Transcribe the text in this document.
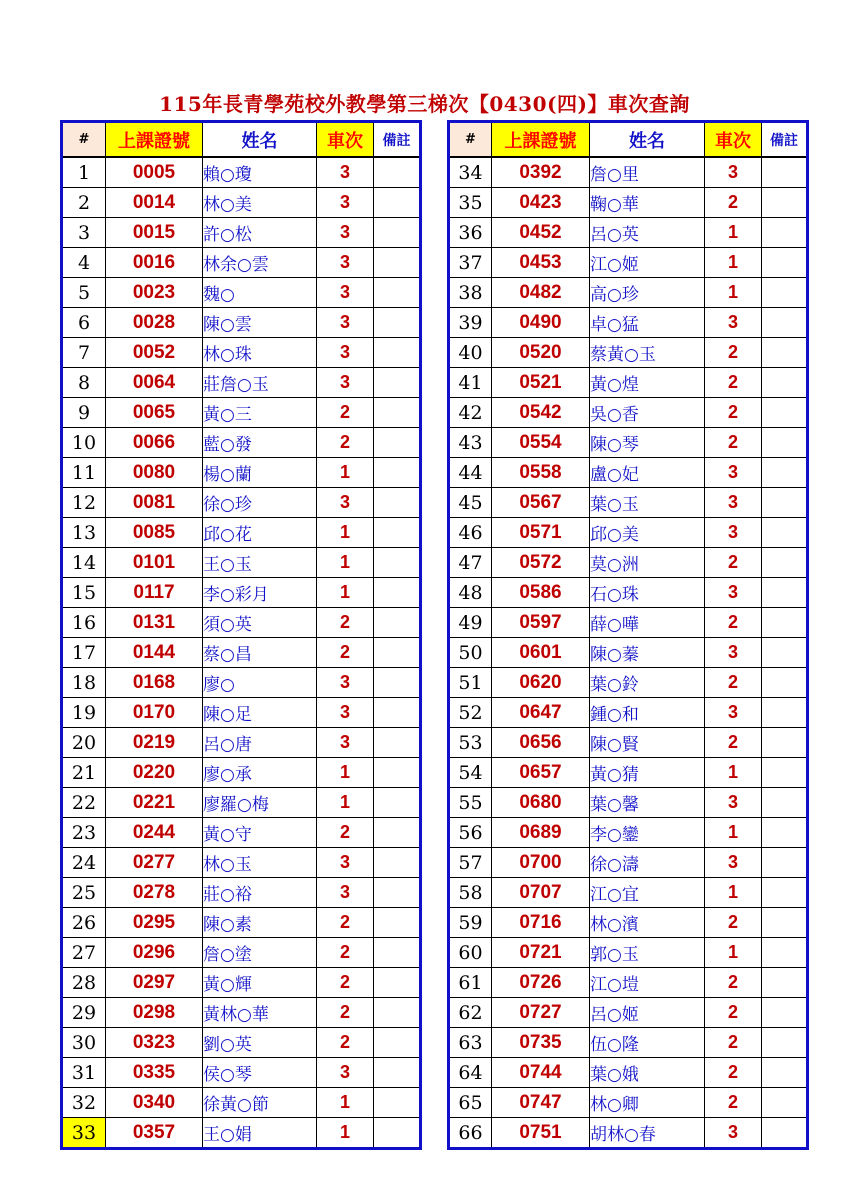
115年長青學苑校外教學第三梯次【0430(四)】車次查詢
#	上課證號	姓名	車次	備註
1	0005	賴○瓊	3	
2	0014	林○美	3	
3	0015	許○松	3	
4	0016	林余○雲	3	
5	0023	魏○	3	
6	0028	陳○雲	3	
7	0052	林○珠	3	
8	0064	莊詹○玉	3	
9	0065	黃○三	2	
10	0066	藍○發	2	
11	0080	楊○蘭	1	
12	0081	徐○珍	3	
13	0085	邱○花	1	
14	0101	王○玉	1	
15	0117	李○彩月	1	
16	0131	須○英	2	
17	0144	蔡○昌	2	
18	0168	廖○	3	
19	0170	陳○足	3	
20	0219	呂○唐	3	
21	0220	廖○承	1	
22	0221	廖羅○梅	1	
23	0244	黃○守	2	
24	0277	林○玉	3	
25	0278	莊○裕	3	
26	0295	陳○素	2	
27	0296	詹○塗	2	
28	0297	黃○輝	2	
29	0298	黃林○華	2	
30	0323	劉○英	2	
31	0335	侯○琴	3	
32	0340	徐黃○節	1	
33	0357	王○娟	1	
#	上課證號	姓名	車次	備註
34	0392	詹○里	3	
35	0423	鞠○華	2	
36	0452	呂○英	1	
37	0453	江○姬	1	
38	0482	高○珍	1	
39	0490	卓○猛	3	
40	0520	蔡黃○玉	2	
41	0521	黃○煌	2	
42	0542	吳○香	2	
43	0554	陳○琴	2	
44	0558	盧○妃	3	
45	0567	葉○玉	3	
46	0571	邱○美	3	
47	0572	莫○洲	2	
48	0586	石○珠	3	
49	0597	薛○嘩	2	
50	0601	陳○蓁	3	
51	0620	葉○鈴	2	
52	0647	鍾○和	3	
53	0656	陳○賢	2	
54	0657	黃○猜	1	
55	0680	葉○馨	3	
56	0689	李○鑾	1	
57	0700	徐○濤	3	
58	0707	江○宜	1	
59	0716	林○濱	2	
60	0721	郭○玉	1	
61	0726	江○塏	2	
62	0727	呂○姬	2	
63	0735	伍○隆	2	
64	0744	葉○娥	2	
65	0747	林○卿	2	
66	0751	胡林○春	3	
